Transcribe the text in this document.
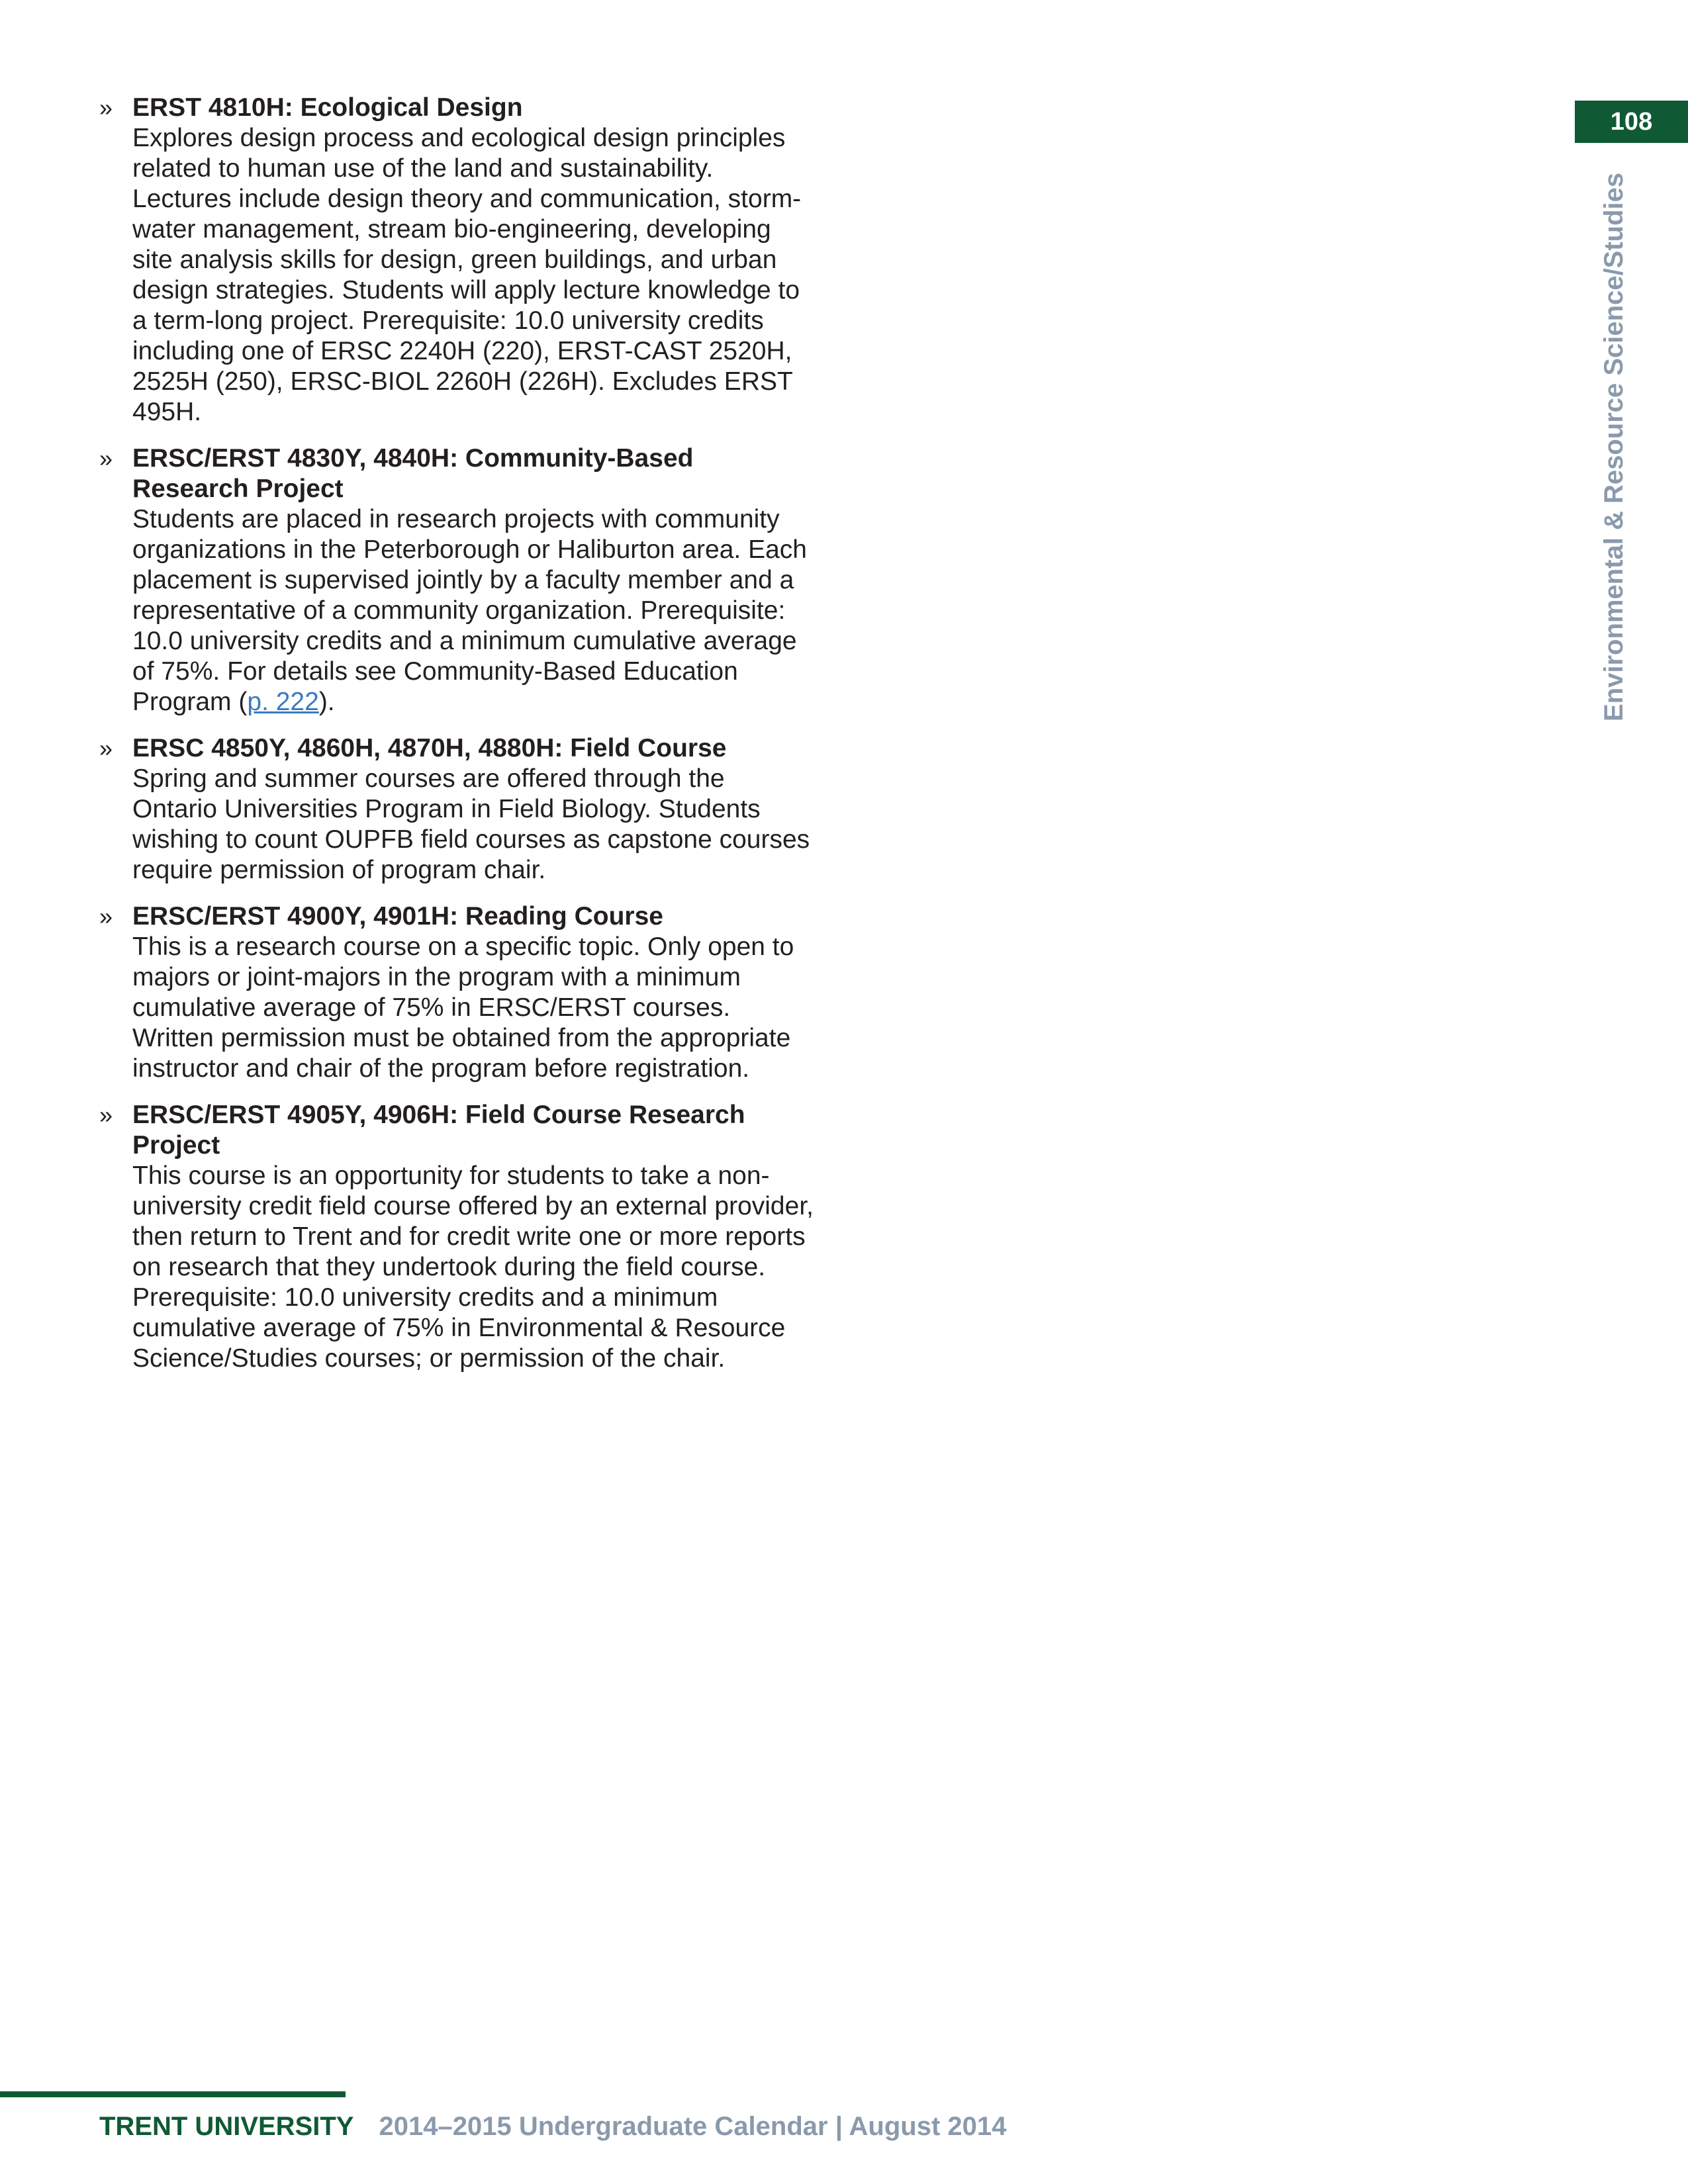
» ERST 4810H: Ecological Design

Explores design process and ecological design principles related to human use of the land and sustainability. Lectures include design theory and communication, storm-water management, stream bio-engineering, developing site analysis skills for design, green buildings, and urban design strategies. Students will apply lecture knowledge to a term-long project. Prerequisite: 10.0 university credits including one of ERSC 2240H (220), ERST-CAST 2520H, 2525H (250), ERSC-BIOL 2260H (226H). Excludes ERST 495H.

» ERSC/ERST 4830Y, 4840H: Community-Based Research Project

Students are placed in research projects with community organizations in the Peterborough or Haliburton area. Each placement is supervised jointly by a faculty member and a representative of a community organization. Prerequisite: 10.0 university credits and a minimum cumulative average of 75%. For details see Community-Based Education Program (p. 222).

» ERSC 4850Y, 4860H, 4870H, 4880H: Field Course

Spring and summer courses are offered through the Ontario Universities Program in Field Biology. Students wishing to count OUPFB field courses as capstone courses require permission of program chair.

» ERSC/ERST 4900Y, 4901H: Reading Course

This is a research course on a specific topic. Only open to majors or joint-majors in the program with a minimum cumulative average of 75% in ERSC/ERST courses. Written permission must be obtained from the appropriate instructor and chair of the program before registration.

» ERSC/ERST 4905Y, 4906H: Field Course Research Project

This course is an opportunity for students to take a non-university credit field course offered by an external provider, then return to Trent and for credit write one or more reports on research that they undertook during the field course. Prerequisite: 10.0 university credits and a minimum cumulative average of 75% in Environmental & Resource Science/Studies courses; or permission of the chair.

108
Environmental & Resource Science/Studies
TRENT UNIVERSITY 2014–2015 Undergraduate Calendar | August 2014
